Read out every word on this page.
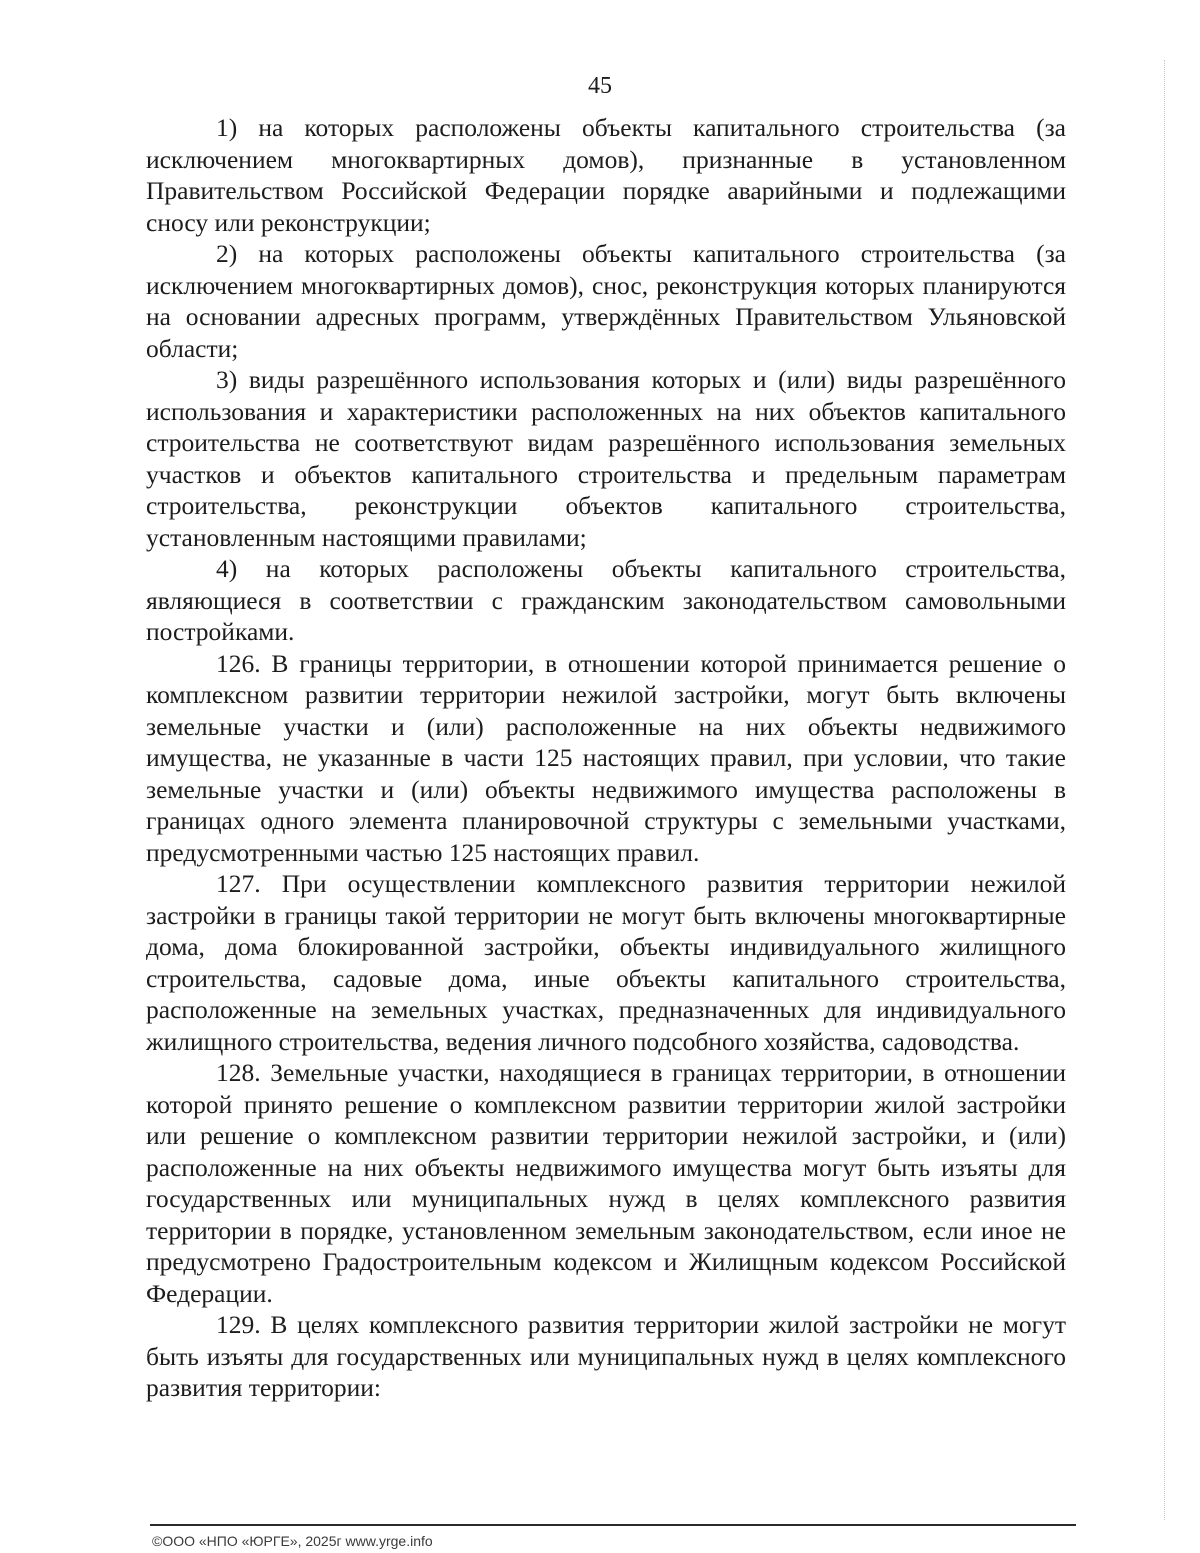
45

1) на которых расположены объекты капитального строительства (за исключением многоквартирных домов), признанные в установленном Правительством Российской Федерации порядке аварийными и подлежащими сносу или реконструкции;

2) на которых расположены объекты капитального строительства (за исключением многоквартирных домов), снос, реконструкция которых планируются на основании адресных программ, утверждённых Правительством Ульяновской области;

3) виды разрешённого использования которых и (или) виды разрешённого использования и характеристики расположенных на них объектов капитального строительства не соответствуют видам разрешённого использования земельных участков и объектов капитального строительства и предельным параметрам строительства, реконструкции объектов капитального строительства, установленным настоящими правилами;

4) на которых расположены объекты капитального строительства, являющиеся в соответствии с гражданским законодательством самовольными постройками.

126. В границы территории, в отношении которой принимается решение о комплексном развитии территории нежилой застройки, могут быть включены земельные участки и (или) расположенные на них объекты недвижимого имущества, не указанные в части 125 настоящих правил, при условии, что такие земельные участки и (или) объекты недвижимого имущества расположены в границах одного элемента планировочной структуры с земельными участками, предусмотренными частью 125 настоящих правил.

127. При осуществлении комплексного развития территории нежилой застройки в границы такой территории не могут быть включены многоквартирные дома, дома блокированной застройки, объекты индивидуального жилищного строительства, садовые дома, иные объекты капитального строительства, расположенные на земельных участках, предназначенных для индивидуального жилищного строительства, ведения личного подсобного хозяйства, садоводства.

128. Земельные участки, находящиеся в границах территории, в отношении которой принято решение о комплексном развитии территории жилой застройки или решение о комплексном развитии территории нежилой застройки, и (или) расположенные на них объекты недвижимого имущества могут быть изъяты для государственных или муниципальных нужд в целях комплексного развития территории в порядке, установленном земельным законодательством, если иное не предусмотрено Градостроительным кодексом и Жилищным кодексом Российской Федерации.

129. В целях комплексного развития территории жилой застройки не могут быть изъяты для государственных или муниципальных нужд в целях комплексного развития территории:

©ООО «НПО «ЮРГЕ», 2025г www.yrge.info
